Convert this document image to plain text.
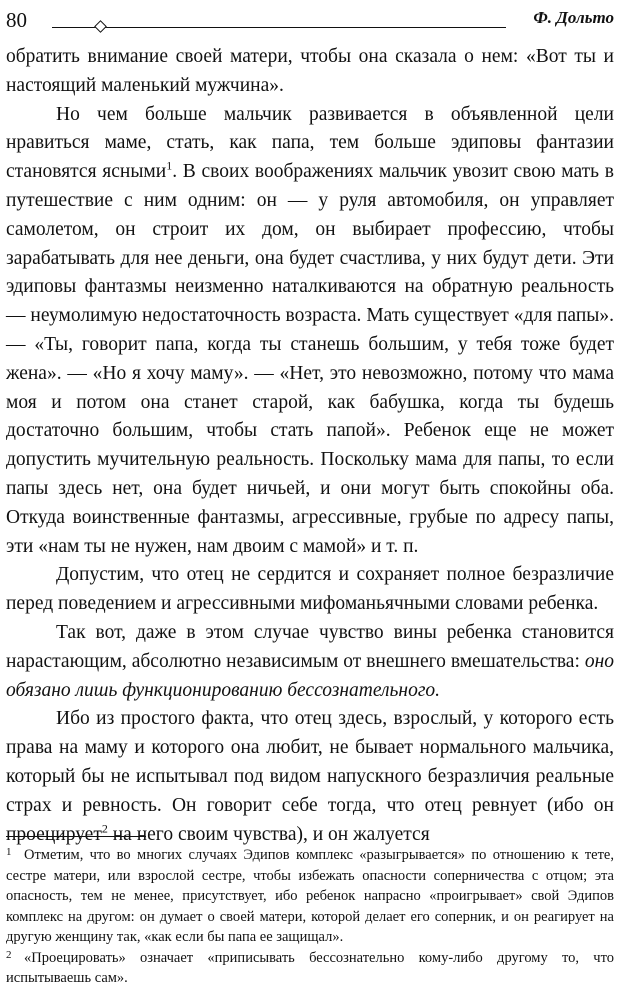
80	Ф. Дольто

обратить внимание своей матери, чтобы она сказала о нем: «Вот ты и настоящий маленький мужчина».

Но чем больше мальчик развивается в объявленной цели нравиться маме, стать, как папа, тем больше эдиповы фантазии становятся ясными$^1$. В своих воображениях мальчик увозит свою мать в путешествие с ним одним: он — у руля автомобиля, он управляет самолетом, он строит их дом, он выбирает профессию, чтобы зарабатывать для нее деньги, она будет счастлива, у них будут дети. Эти эдиповы фантазмы неизменно наталкиваются на обратную реальность — неумолимую недостаточность возраста. Мать существует «для папы». — «Ты, говорит папа, когда ты станешь большим, у тебя тоже будет жена». — «Но я хочу маму». — «Нет, это невозможно, потому что мама моя и потом она станет старой, как бабушка, когда ты будешь достаточно большим, чтобы стать папой». Ребенок еще не может допустить мучительную реальность. Поскольку мама для папы, то если папы здесь нет, она будет ничьей, и они могут быть спокойны оба. Откуда воинственные фантазмы, агрессивные, грубые по адресу папы, эти «нам ты не нужен, нам двоим с мамой» и т. п.

Допустим, что отец не сердится и сохраняет полное безразличие перед поведением и агрессивными мифоманьячными словами ребенка.

Так вот, даже в этом случае чувство вины ребенка становится нарастающим, абсолютно независимым от внешнего вмешательства: оно обязано лишь функционированию бессознательного.

Ибо из простого факта, что отец здесь, взрослый, у которого есть права на маму и которого она любит, не бывает нормального мальчика, который бы не испытывал под видом напускного безразличия реальные страх и ревность. Он говорит себе тогда, что отец ревнует (ибо он проецирует$^2$ на него своим чувства), и он жалуется

1 Отметим, что во многих случаях Эдипов комплекс «разыгрывается» по отношению к тете, сестре матери, или взрослой сестре, чтобы избежать опасности соперничества с отцом; эта опасность, тем не менее, присутствует, ибо ребенок напрасно «проигрывает» свой Эдипов комплекс на другом: он думает о своей матери, которой делает его соперник, и он реагирует на другую женщину так, «как если бы папа ее защищал».

2 «Проецировать» означает «приписывать бессознательно кому-либо другому то, что испытываешь сам».
